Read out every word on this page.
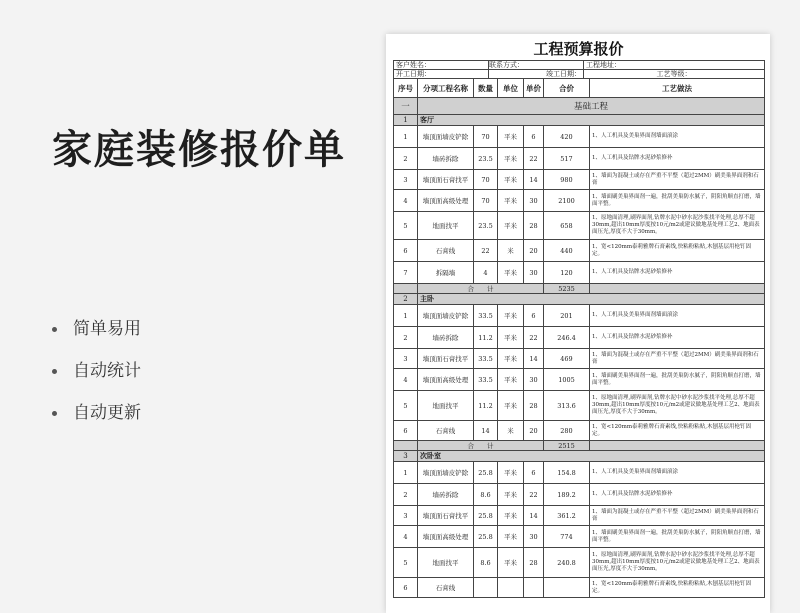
家庭装修报价单
简单易用
自动统计
自动更新
工程预算报价
客户姓名：	联系方式：	工程地址：
开工日期：	竣工日期：	工艺等级：
序号	分项工程名称	数量	单位	单价	合价	工艺做法
一	基础工程					
1	客厅					
1	墙顶面墙皮铲除	70	平米	6	420	1、人工机具及美巢界面剂墙面滚涂
2	墙砖拆除	23.5	平米	22	517	1、人工机具及钻牌水泥砂浆修补
3	墙顶面石膏找平	70	平米	14	980	1、墙面为混凝土或存在严重不平整（超过2MM）刷美巢界面剂和石膏
4	墙顶面高级处理	70	平米	30	2100	1、墙面刷美巢界面剂一遍，批刮美巢防水腻子，阴阳角顺直打磨，墙面平整。
5	地面找平	23.5	平米	28	658	1、原地面清理,刷界面剂,钻牌水泥中砂水泥沙浆找平处理,总厚不超30mm,超出10mm厚度按10元/m2或建议做地基处理工艺2、地面表面压光,厚度不大于30mm。
6	石膏线	22	米	20	440	1、宽<120mm泰莉雅牌石膏素线,快粘粉粘贴,木刨基层用枪钉固定。
7	拆隔墙	4	平米	30	120	1、人工机具及钻牌水泥砂浆修补
	合　　计				5235	
2	主卧					
1	墙顶面墙皮铲除	33.5	平米	6	201	1、人工机具及美巢界面剂墙面滚涂
2	墙砖拆除	11.2	平米	22	246.4	1、人工机具及钻牌水泥砂浆修补
3	墙顶面石膏找平	33.5	平米	14	469	1、墙面为混凝土或存在严重不平整（超过2MM）刷美巢界面剂和石膏
4	墙顶面高级处理	33.5	平米	30	1005	1、墙面刷美巢界面剂一遍，批刮美巢防水腻子，阴阳角顺直打磨，墙面平整。
5	地面找平	11.2	平米	28	313.6	1、原地面清理,刷界面剂,钻牌水泥中砂水泥沙浆找平处理,总厚不超30mm,超出10mm厚度按10元/m2或建议做地基处理工艺2、地面表面压光,厚度不大于30mm。
6	石膏线	14	米	20	280	1、宽<120mm泰莉雅牌石膏素线,快粘粉粘贴,木刨基层用枪钉固定。
	合　　计				2515	
3	次卧室					
1	墙顶面墙皮铲除	25.8	平米	6	154.8	1、人工机具及美巢界面剂墙面滚涂
2	墙砖拆除	8.6	平米	22	189.2	1、人工机具及钻牌水泥砂浆修补
3	墙顶面石膏找平	25.8	平米	14	361.2	1、墙面为混凝土或存在严重不平整（超过2MM）刷美巢界面剂和石膏
4	墙顶面高级处理	25.8	平米	30	774	1、墙面刷美巢界面剂一遍，批刮美巢防水腻子，阴阳角顺直打磨，墙面平整。
5	地面找平	8.6	平米	28	240.8	1、原地面清理,刷界面剂,钻牌水泥中砂水泥沙浆找平处理,总厚不超30mm,超出10mm厚度按10元/m2或建议做地基处理工艺2、地面表面压光,厚度不大于30mm。
6	石膏线					1、宽<120mm泰莉雅牌石膏素线,快粘粉粘贴,木刨基层用枪钉固定。
